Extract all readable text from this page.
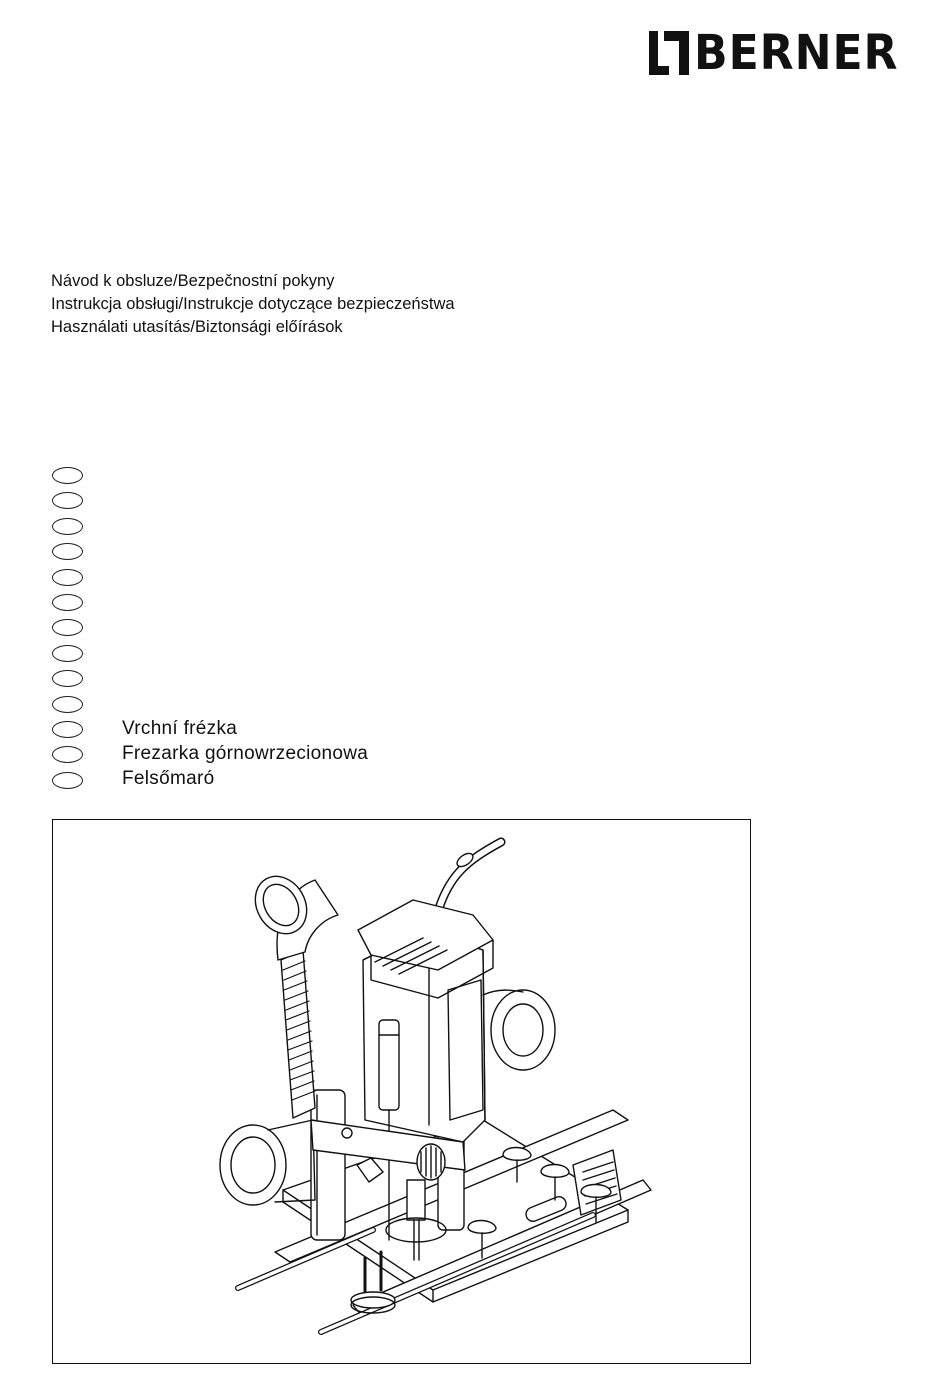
BERNER
Návod k obsluze/Bezpečnostní pokyny
Instrukcja obsługi/Instrukcje dotyczące bezpieczeństwa
Használati utasítás/Biztonsági előírások
Vrchní frézka
Frezarka górnowrzecionowa
Felsőmaró
